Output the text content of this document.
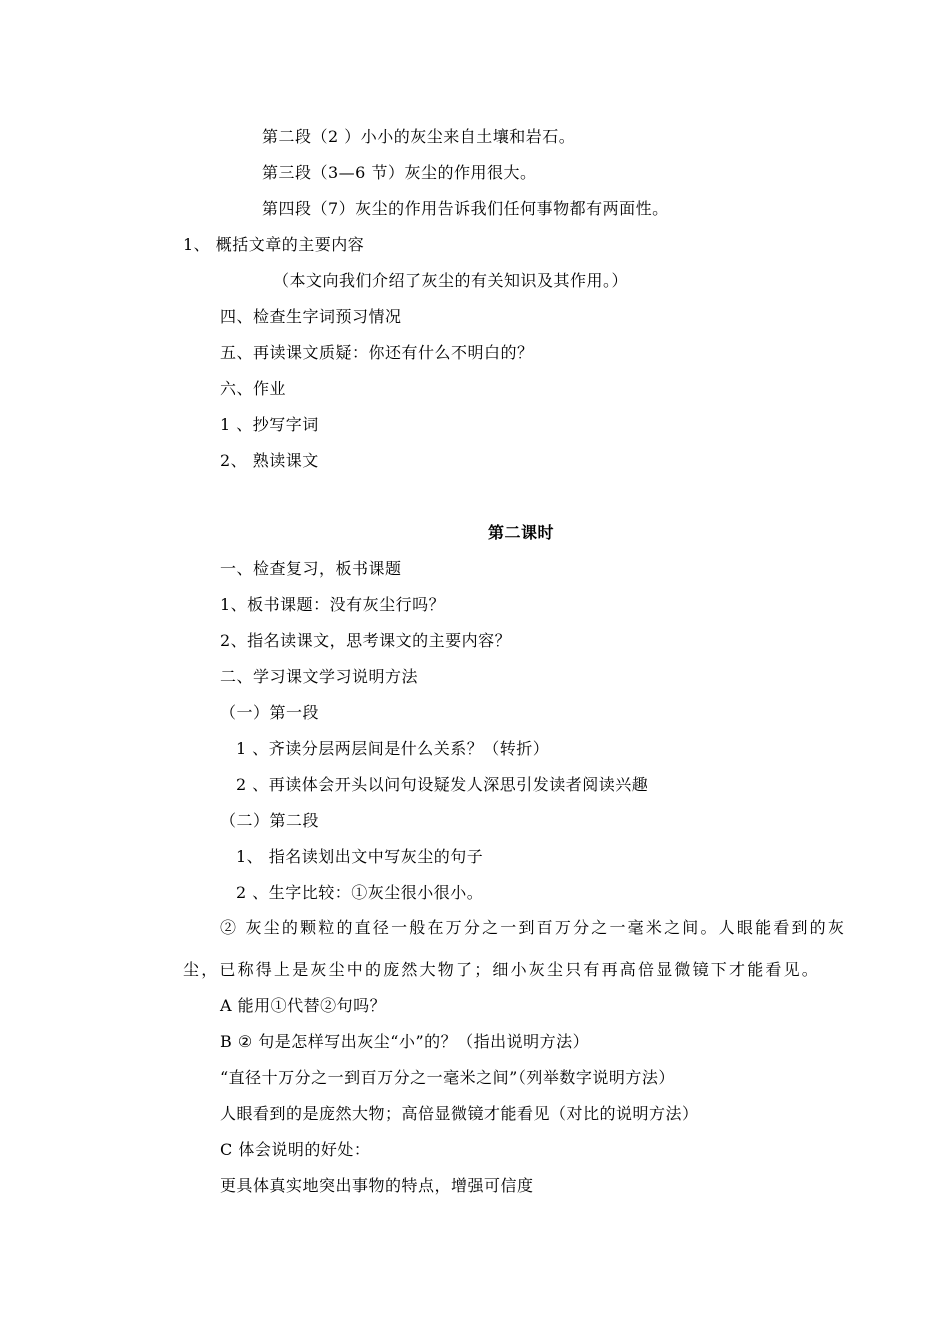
第二段（2 ）小小的灰尘来自土壤和岩石。
第三段（3—6 节）灰尘的作用很大。
第四段（7）灰尘的作用告诉我们任何事物都有两面性。
1、 概括文章的主要内容
（本文向我们介绍了灰尘的有关知识及其作用。）
四、检查生字词预习情况
五、再读课文质疑：你还有什么不明白的？
六、作业
1 、抄写字词
2、 熟读课文
第二课时
一、检查复习，板书课题
1、板书课题：没有灰尘行吗？
2、指名读课文，思考课文的主要内容？
二、学习课文学习说明方法
（一）第一段
1 、齐读分层两层间是什么关系？（转折）
2 、再读体会开头以问句设疑发人深思引发读者阅读兴趣
（二）第二段
1、 指名读划出文中写灰尘的句子
2 、生字比较：①灰尘很小很小。
② 灰尘的颗粒的直径一般在万分之一到百万分之一毫米之间。人眼能看到的灰
尘，已称得上是灰尘中的庞然大物了；细小灰尘只有再高倍显微镜下才能看见。
A 能用①代替②句吗？
B ② 句是怎样写出灰尘“小”的？（指出说明方法）
“直径十万分之一到百万分之一毫米之间”（列举数字说明方法）
人眼看到的是庞然大物；高倍显微镜才能看见（对比的说明方法）
C 体会说明的好处：
更具体真实地突出事物的特点，增强可信度
